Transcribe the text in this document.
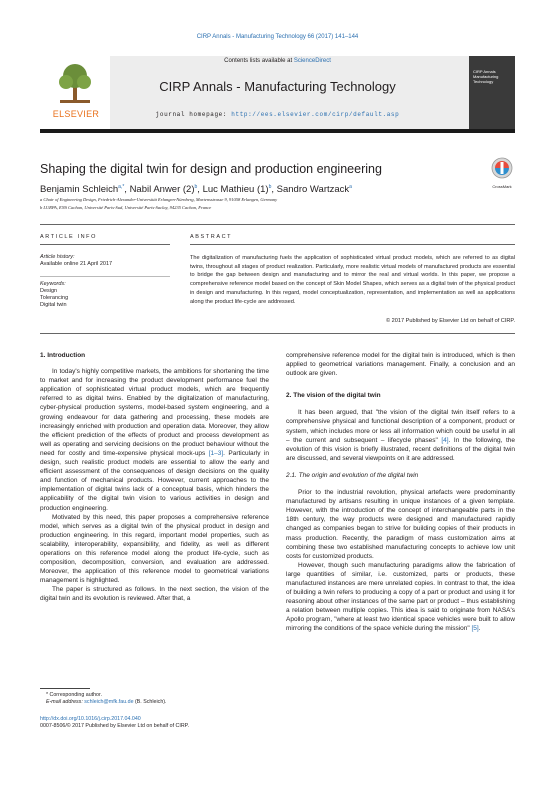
CIRP Annals - Manufacturing Technology 66 (2017) 141–144
ELSEVIER
Contents lists available at ScienceDirect
CIRP Annals - Manufacturing Technology
journal homepage: http://ees.elsevier.com/cirp/default.asp
CIRP Annals Manufacturing Technology
Shaping the digital twin for design and production engineering
Benjamin Schleich$^{a,*}$, Nabil Anwer $(2)^b$, Luc Mathieu $(1)^b$, Sandro Wartzack$^a$	CrossMark
a Chair of Engineering Design, Friedrich-Alexander-Universität Erlangen-Nürnberg, Martensstrasse 9, 91058 Erlangen, Germany
b LURPA, ENS Cachan, Université Paris-Sud, Université Paris-Saclay, 94235 Cachan, France
ARTICLE INFO	ABSTRACT
Article history:
Available online 21 April 2017
Keywords:
Design
Tolerancing
Digital twin
The digitalization of manufacturing fuels the application of sophisticated virtual product models, which are referred to as digital twins, throughout all stages of product realization. Particularly, more realistic virtual models of manufactured products are essential to bridge the gap between design and manufacturing and to mirror the real and virtual worlds. In this paper, we propose a comprehensive reference model based on the concept of Skin Model Shapes, which serves as a digital twin of the physical product in design and manufacturing. In this regard, model conceptualization, representation, and implementation as well as applications along the product life-cycle are addressed.
© 2017 Published by Elsevier Ltd on behalf of CIRP.
1. Introduction

In today's highly competitive markets, the ambitions for shortening the time to market and for increasing the product development performance fuel the application of sophisticated virtual product models, which are frequently referred to as digital twins. Enabled by the digitalization of manufacturing, cyber-physical production systems, model-based system engineering, and a growing endeavour for data gathering and processing, these models are increasingly enriched with production and operation data. Moreover, they allow the efficient prediction of the effects of product and process development as well as operating and servicing decisions on the product behaviour without the need for costly and time-expensive physical mock-ups [1–3]. Particularly in design, such realistic product models are essential to allow the early and efficient assessment of the consequences of design decisions on the quality and function of mechanical products. However, current approaches to the implementation of digital twins lack of a conceptual basis, which hinders the applicability of the digital twin vision to various activities in design and production engineering.

Motivated by this need, this paper proposes a comprehensive reference model, which serves as a digital twin of the physical product in design and production engineering. In this regard, important model properties, such as scalability, interoperability, expansibility, and fidelity, as well as different operations on this reference model along the product life-cycle, such as composition, decomposition, conversion, and evaluation are addressed. Moreover, the application of this reference model to geometrical variations management is highlighted.

The paper is structured as follows. In the next section, the vision of the digital twin and its evolution is reviewed. After that, a

comprehensive reference model for the digital twin is introduced, which is then applied to geometrical variations management. Finally, a conclusion and an outlook are given.

2. The vision of the digital twin

It has been argued, that "the vision of the digital twin itself refers to a comprehensive physical and functional description of a component, product or system, which includes more or less all information which could be useful in all – the current and subsequent – lifecycle phases" [4]. In the following, the evolution of this vision is briefly illustrated, recent definitions of the digital twin are discussed, and several viewpoints on it are addressed.

2.1. The origin and evolution of the digital twin

Prior to the industrial revolution, physical artefacts were predominantly manufactured by artisans resulting in unique instances of a given template. However, with the introduction of the concept of interchangeable parts in the 18th century, the way products were designed and manufactured rapidly changed as companies began to strive for building copies of their products in mass production. Recently, the paradigm of mass customization aims at combining these two established manufacturing concepts to achieve low unit costs for customized products.

However, though such manufacturing paradigms allow the fabrication of large quantities of similar, i.e. customized, parts or products, these manufactured instances are mere unrelated copies. In contrast to that, the idea of building a twin refers to producing a copy of a part or product and using it for reasoning about other instances of the same part or product – thus establishing a relation between multiple copies. This idea is said to originate from NASA's Apollo program, "where at least two identical space vehicles were built to allow mirroring the conditions of the space vehicle during the mission" [5].

* Corresponding author.
E-mail address: schleich@mfk.fau.de (B. Schleich).
http://dx.doi.org/10.1016/j.cirp.2017.04.040
0007-8506/© 2017 Published by Elsevier Ltd on behalf of CIRP.
